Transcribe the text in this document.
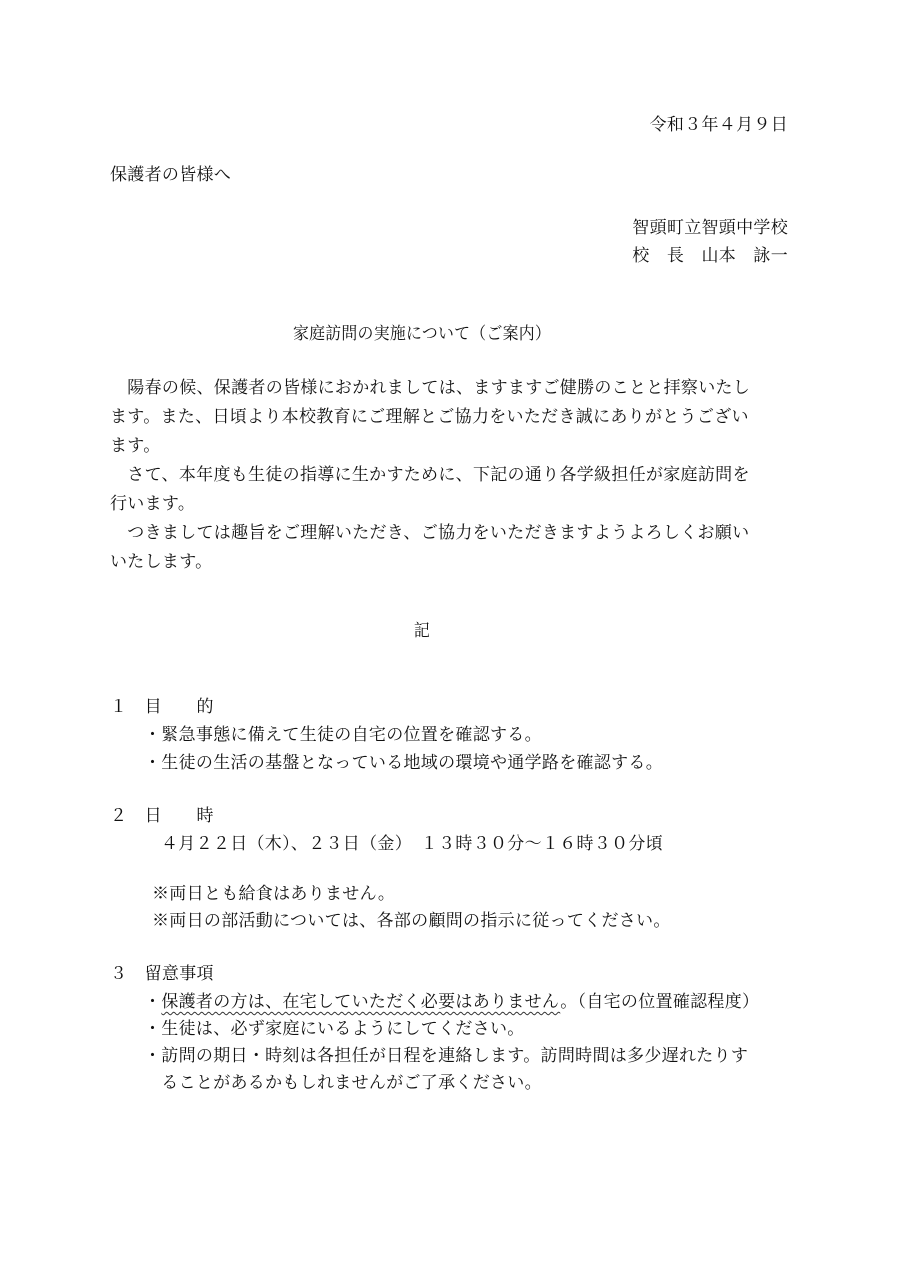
令和３年４月９日
保護者の皆様へ
智頭町立智頭中学校
校　長　山本　詠一
家庭訪問の実施について（ご案内）
　陽春の候、保護者の皆様におかれましては、ますますご健勝のことと拝察いたし
ます。また、日頃より本校教育にご理解とご協力をいただき誠にありがとうござい
ます。
　さて、本年度も生徒の指導に生かすために、下記の通り各学級担任が家庭訪問を
行います。
　つきましては趣旨をご理解いただき、ご協力をいただきますようよろしくお願い
いたします。
記
１　目　　的
・緊急事態に備えて生徒の自宅の位置を確認する。
・生徒の生活の基盤となっている地域の環境や通学路を確認する。
２　日　　時
４月２２日（木）、２３日（金）　１３時３０分～１６時３０分頃
※両日とも給食はありません。
※両日の部活動については、各部の顧問の指示に従ってください。
３　留意事項
・保護者の方は、在宅していただく必要はありません。（自宅の位置確認程度）
・生徒は、必ず家庭にいるようにしてください。
・訪問の期日・時刻は各担任が日程を連絡します。訪問時間は多少遅れたりす
　ることがあるかもしれませんがご了承ください。
